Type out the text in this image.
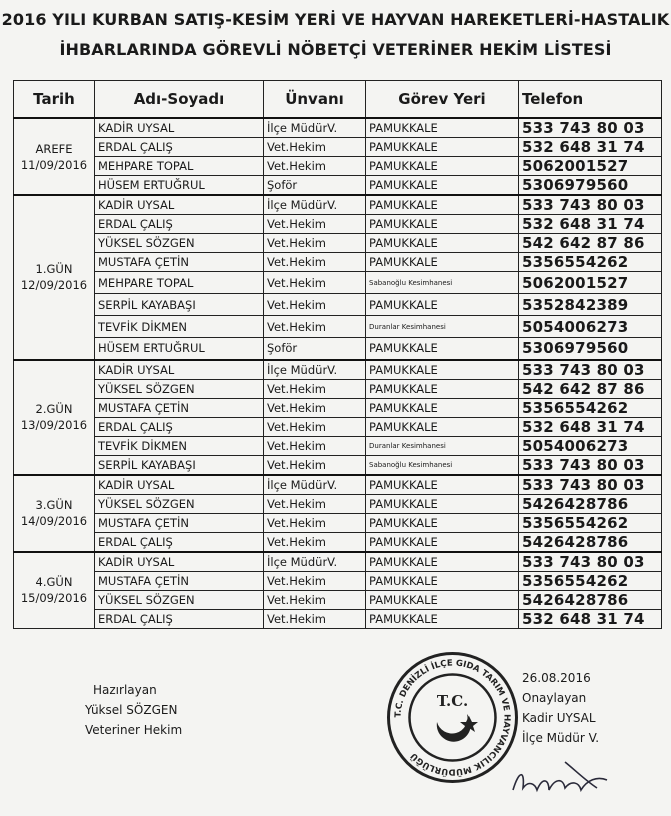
2016 YILI KURBAN SATIŞ-KESİM YERİ VE HAYVAN HAREKETLERİ-HASTALIK
İHBARLARINDA GÖREVLİ NÖBETÇİ VETERİNER HEKİM LİSTESİ
Tarih	Adı-Soyadı	Ünvanı	Görev Yeri	Telefon

AREFE
11/09/2016	KADİR UYSAL	İlçe MüdürV.	PAMUKKALE	533 743 80 03
	ERDAL ÇALIŞ	Vet.Hekim	PAMUKKALE	532 648 31 74
	MEHPARE TOPAL	Vet.Hekim	PAMUKKALE	5062001527
	HÜSEM ERTUĞRUL	Şoför	PAMUKKALE	5306979560

1.GÜN
12/09/2016	KADİR UYSAL	İlçe MüdürV.	PAMUKKALE	533 743 80 03
	ERDAL ÇALIŞ	Vet.Hekim	PAMUKKALE	532 648 31 74
	YÜKSEL SÖZGEN	Vet.Hekim	PAMUKKALE	542 642 87 86
	MUSTAFA ÇETİN	Vet.Hekim	PAMUKKALE	5356554262
	MEHPARE TOPAL	Vet.Hekim	Sabanoğlu Kesimhanesi	5062001527
	SERPİL KAYABAŞI	Vet.Hekim	PAMUKKALE	5352842389
	TEVFİK DİKMEN	Vet.Hekim	Duranlar Kesimhanesi	5054006273
	HÜSEM ERTUĞRUL	Şoför	PAMUKKALE	5306979560

2.GÜN
13/09/2016	KADİR UYSAL	İlçe MüdürV.	PAMUKKALE	533 743 80 03
	YÜKSEL SÖZGEN	Vet.Hekim	PAMUKKALE	542 642 87 86
	MUSTAFA ÇETİN	Vet.Hekim	PAMUKKALE	5356554262
	ERDAL ÇALIŞ	Vet.Hekim	PAMUKKALE	532 648 31 74
	TEVFİK DİKMEN	Vet.Hekim	Duranlar Kesimhanesi	5054006273
	SERPİL KAYABAŞI	Vet.Hekim	Sabanoğlu Kesimhanesi	533 743 80 03

3.GÜN
14/09/2016	KADİR UYSAL	İlçe MüdürV.	PAMUKKALE	533 743 80 03
	YÜKSEL SÖZGEN	Vet.Hekim	PAMUKKALE	5426428786
	MUSTAFA ÇETİN	Vet.Hekim	PAMUKKALE	5356554262
	ERDAL ÇALIŞ	Vet.Hekim	PAMUKKALE	5426428786

4.GÜN
15/09/2016	KADİR UYSAL	İlçe MüdürV.	PAMUKKALE	533 743 80 03
	MUSTAFA ÇETİN	Vet.Hekim	PAMUKKALE	5356554262
	YÜKSEL SÖZGEN	Vet.Hekim	PAMUKKALE	5426428786
	ERDAL ÇALIŞ	Vet.Hekim	PAMUKKALE	532 648 31 74
Hazırlayan
Yüksel SÖZGEN
Veteriner Hekim
T.C. DENİZLİ İLÇE GIDA TARIM VE HAYVANCILIK MÜDÜRLÜĞÜ
T.C.
26.08.2016
Onaylayan
Kadir UYSAL
İlçe Müdür V.
